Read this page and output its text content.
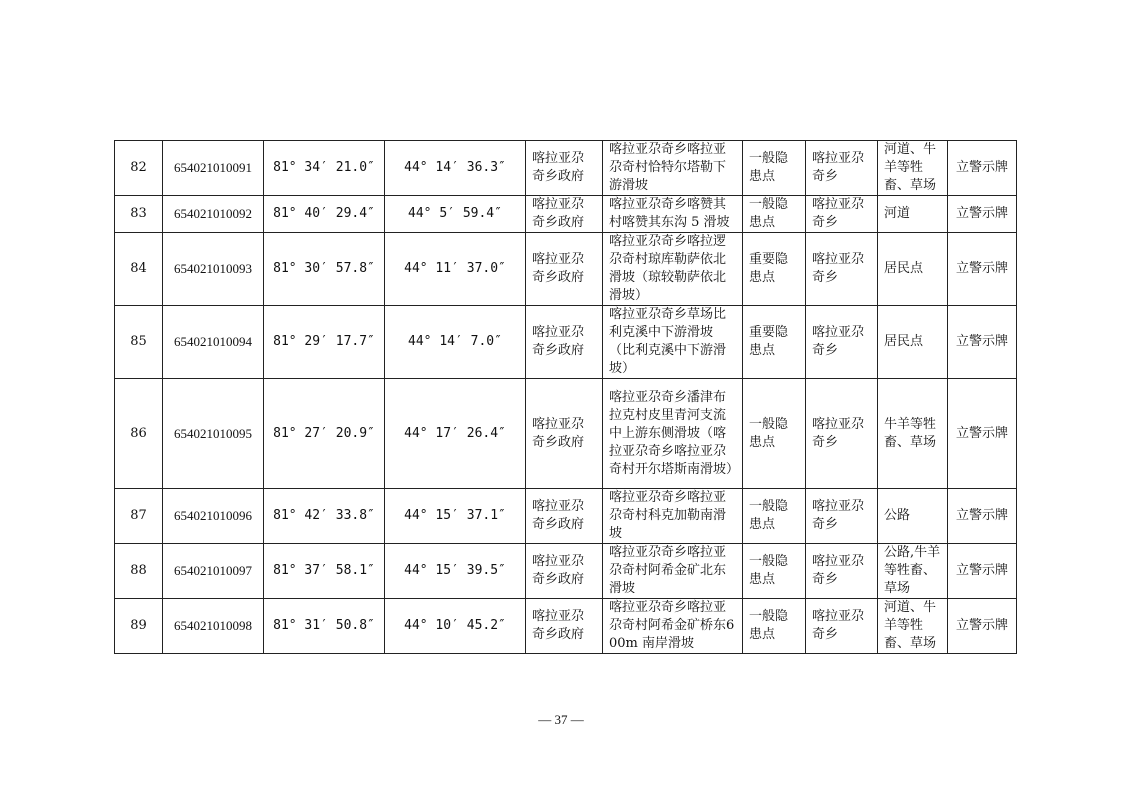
82	654021010091	81° 34′ 21.0″	44° 14′ 36.3″	喀拉亚尕奇乡政府	喀拉亚尕奇乡喀拉亚尕奇村恰特尔塔勒下游滑坡	一般隐患点	喀拉亚尕奇乡	河道、牛羊等牲畜、草场	立警示牌
83	654021010092	81° 40′ 29.4″	44° 5′ 59.4″	喀拉亚尕奇乡政府	喀拉亚尕奇乡喀赞其村喀赞其东沟 5 滑坡	一般隐患点	喀拉亚尕奇乡	河道	立警示牌
84	654021010093	81° 30′ 57.8″	44° 11′ 37.0″	喀拉亚尕奇乡政府	喀拉亚尕奇乡喀拉逻尕奇村琼库勒萨依北滑坡（琼较勒萨依北滑坡）	重要隐患点	喀拉亚尕奇乡	居民点	立警示牌
85	654021010094	81° 29′ 17.7″	44° 14′ 7.0″	喀拉亚尕奇乡政府	喀拉亚尕奇乡草场比利克溪中下游滑坡（比利克溪中下游滑坡）	重要隐患点	喀拉亚尕奇乡	居民点	立警示牌
86	654021010095	81° 27′ 20.9″	44° 17′ 26.4″	喀拉亚尕奇乡政府	喀拉亚尕奇乡潘津布拉克村皮里青河支流中上游东侧滑坡（喀拉亚尕奇乡喀拉亚尕奇村开尔塔斯南滑坡）	一般隐患点	喀拉亚尕奇乡	牛羊等牲畜、草场	立警示牌
87	654021010096	81° 42′ 33.8″	44° 15′ 37.1″	喀拉亚尕奇乡政府	喀拉亚尕奇乡喀拉亚尕奇村科克加勒南滑坡	一般隐患点	喀拉亚尕奇乡	公路	立警示牌
88	654021010097	81° 37′ 58.1″	44° 15′ 39.5″	喀拉亚尕奇乡政府	喀拉亚尕奇乡喀拉亚尕奇村阿希金矿北东滑坡	一般隐患点	喀拉亚尕奇乡	公路,牛羊等牲畜、草场	立警示牌
89	654021010098	81° 31′ 50.8″	44° 10′ 45.2″	喀拉亚尕奇乡政府	喀拉亚尕奇乡喀拉亚尕奇村阿希金矿桥东600m 南岸滑坡	一般隐患点	喀拉亚尕奇乡	河道、牛羊等牲畜、草场	立警示牌
— 37 —
